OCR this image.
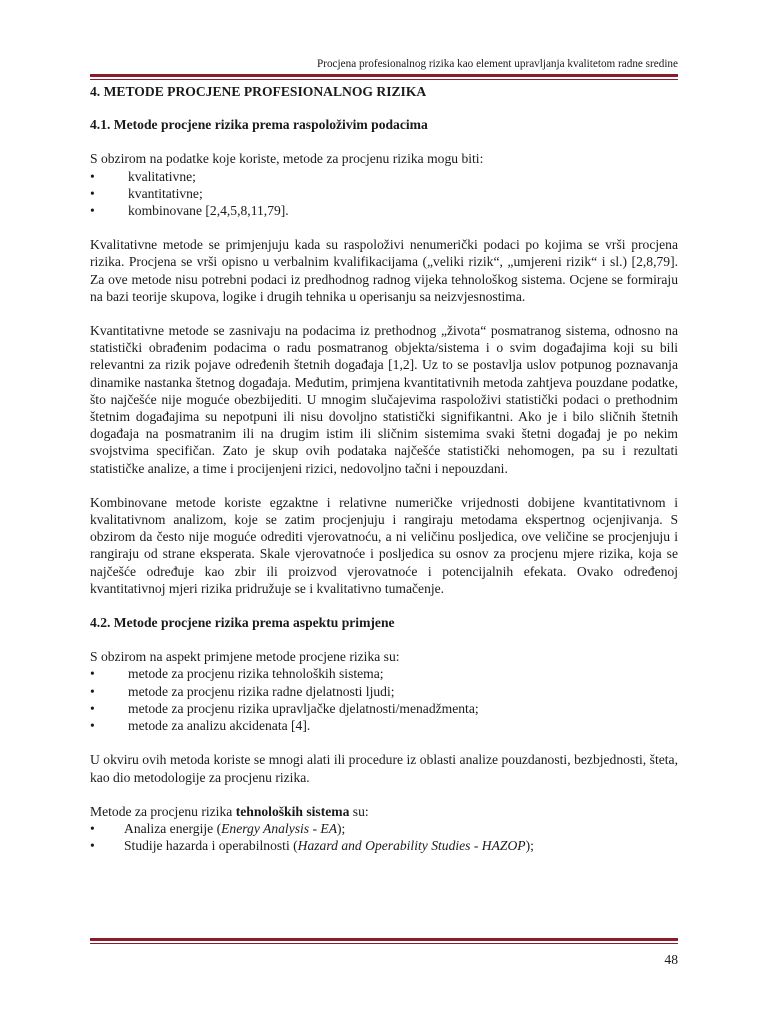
Procjena profesionalnog rizika kao element upravljanja kvalitetom radne sredine
4. METODE PROCJENE PROFESIONALNOG RIZIKA
4.1. Metode procjene rizika prema raspoloživim podacima

S obzirom na podatke koje koriste, metode za procjenu rizika mogu biti:

• kvalitativne;
• kvantitativne;
• kombinovane [2,4,5,8,11,79].

Kvalitativne metode se primjenjuju kada su raspoloživi nenumerički podaci po kojima se vrši procjena rizika. Procjena se vrši opisno u verbalnim kvalifikacijama („veliki rizik“, „umjereni rizik“ i sl.) [2,8,79]. Za ove metode nisu potrebni podaci iz predhodnog radnog vijeka tehnološkog sistema. Ocjene se formiraju na bazi teorije skupova, logike i drugih tehnika u operisanju sa neizvjesnostima.

Kvantitativne metode se zasnivaju na podacima iz prethodnog „života“ posmatranog sistema, odnosno na statistički obrađenim podacima o radu posmatranog objekta/sistema i o svim događajima koji su bili relevantni za rizik pojave određenih štetnih događaja [1,2]. Uz to se postavlja uslov potpunog poznavanja dinamike nastanka štetnog događaja. Međutim, primjena kvantitativnih metoda zahtjeva pouzdane podatke, što najčešće nije moguće obezbijediti. U mnogim slučajevima raspoloživi statistički podaci o prethodnim štetnim događajima su nepotpuni ili nisu dovoljno statistički signifikantni. Ako je i bilo sličnih štetnih događaja na posmatranim ili na drugim istim ili sličnim sistemima svaki štetni događaj je po nekim svojstvima specifičan. Zato je skup ovih podataka najčešće statistički nehomogen, pa su i rezultati statističke analize, a time i procijenjeni rizici, nedovoljno tačni i nepouzdani.

Kombinovane metode koriste egzaktne i relativne numeričke vrijednosti dobijene kvantitativnom i kvalitativnom analizom, koje se zatim procjenjuju i rangiraju metodama ekspertnog ocjenjivanja. S obzirom da često nije moguće odrediti vjerovatnoću, a ni veličinu posljedica, ove veličine se procjenjuju i rangiraju od strane eksperata. Skale vjerovatnoće i posljedica su osnov za procjenu mjere rizika, koja se najčešće određuje kao zbir ili proizvod vjerovatnoće i potencijalnih efekata. Ovako određenoj kvantitativnoj mjeri rizika pridružuje se i kvalitativno tumačenje.

4.2. Metode procjene rizika prema aspektu primjene

S obzirom na aspekt primjene metode procjene rizika su:

• metode za procjenu rizika tehnoloških sistema;
• metode za procjenu rizika radne djelatnosti ljudi;
• metode za procjenu rizika upravljačke djelatnosti/menadžmenta;
• metode za analizu akcidenata [4].

U okviru ovih metoda koriste se mnogi alati ili procedure iz oblasti analize pouzdanosti, bezbjednosti, šteta, kao dio metodologije za procjenu rizika.

Metode za procjenu rizika tehnoloških sistema su:

• Analiza energije (Energy Analysis - EA);
• Studije hazarda i operabilnosti (Hazard and Operability Studies - HAZOP);
48
